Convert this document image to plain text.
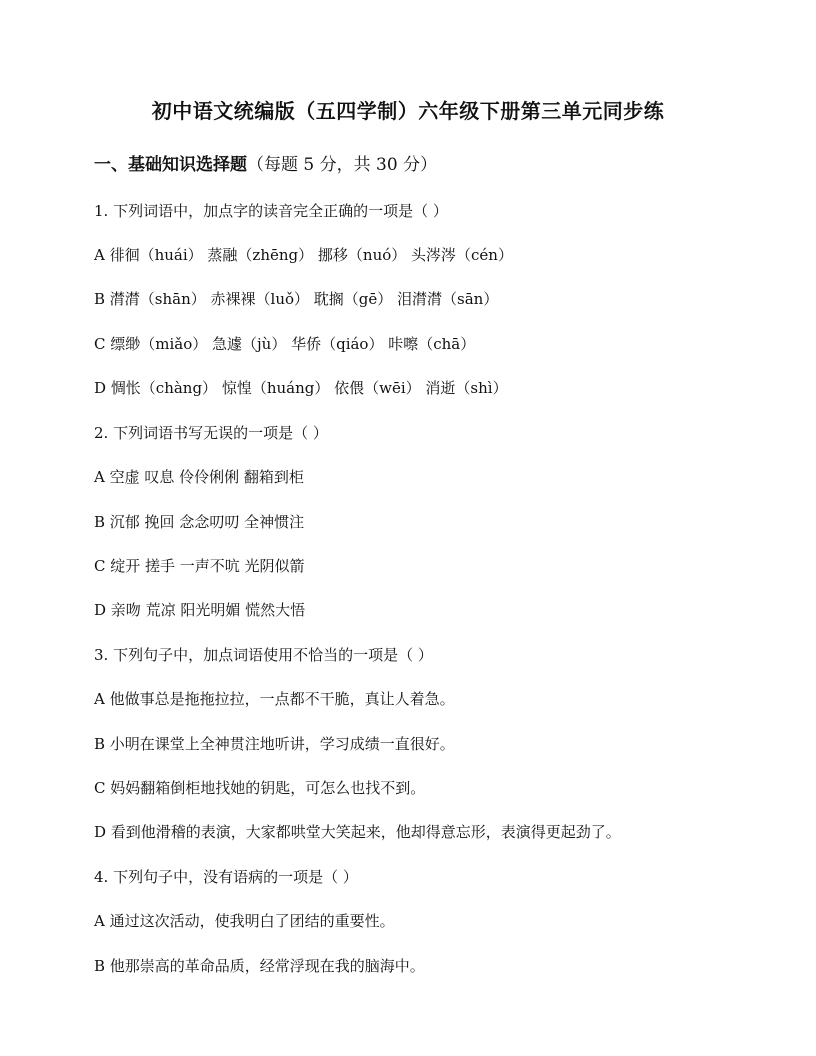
初中语文统编版（五四学制）六年级下册第三单元同步练
一、基础知识选择题（每题 5 分，共 30 分）
1. 下列词语中，加点字的读音完全正确的一项是（ ）
A 徘徊（huái） 蒸融（zhēng） 挪移（nuó） 头涔涔（cén）
B 潸潸（shān） 赤裸裸（luǒ） 耽搁（gē） 泪潸潸（sān）
C 缥缈（miǎo） 急遽（jù） 华侨（qiáo） 咔嚓（chā）
D 惆怅（chàng） 惊惶（huáng） 依偎（wēi） 消逝（shì）
2. 下列词语书写无误的一项是（ ）
A 空虚 叹息 伶伶俐俐 翻箱到柜
B 沉郁 挽回 念念叨叨 全神惯注
C 绽开 搓手 一声不吭 光阴似箭
D 亲吻 荒凉 阳光明媚 慌然大悟
3. 下列句子中，加点词语使用不恰当的一项是（ ）
A 他做事总是拖拖拉拉，一点都不干脆，真让人着急。
B 小明在课堂上全神贯注地听讲，学习成绩一直很好。
C 妈妈翻箱倒柜地找她的钥匙，可怎么也找不到。
D 看到他滑稽的表演，大家都哄堂大笑起来，他却得意忘形，表演得更起劲了。
4. 下列句子中，没有语病的一项是（ ）
A 通过这次活动，使我明白了团结的重要性。
B 他那崇高的革命品质，经常浮现在我的脑海中。
